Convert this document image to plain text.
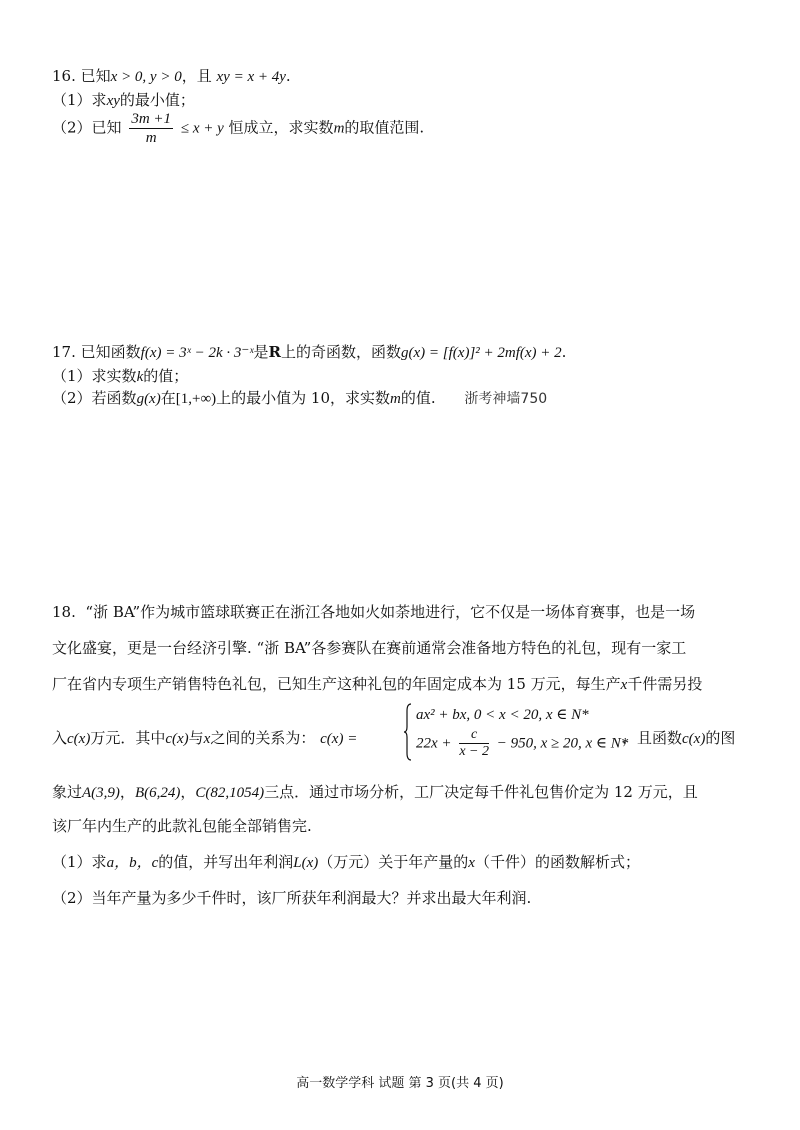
16. 已知x > 0, y > 0，且 xy = x + 4y.
（1）求xy的最小值；
（2）已知 $\frac{3m +1}{m} \le x + y$ 恒成立，求实数m的取值范围.
17. 已知函数f(x) = 3ˣ − 2k · 3⁻ˣ是R上的奇函数，函数g(x) = [f(x)]² + 2mf(x) + 2.
（1）求实数k的值；
（2）若函数g(x)在[1,+∞)上的最小值为 10，求实数m的值. 浙考神墙750
18. “浙 BA”作为城市篮球联赛正在浙江各地如火如荼地进行，它不仅是一场体育赛事，也是一场
文化盛宴，更是一台经济引擎. “浙 BA”各参赛队在赛前通常会准备地方特色的礼包，现有一家工
厂在省内专项生产销售特色礼包，已知生产这种礼包的年固定成本为 15 万元，每生产x千件需另投
入c(x)万元．其中c(x)与x之间的关系为： c(x) =
ax² + bx, 0 < x < 20, x ∈ N*
$22x + \frac{c}{x - 2} - 950$, x ≥ 20, x ∈ N*
，且函数c(x)的图
象过A(3,9)，B(6,24)，C(82,1054)三点．通过市场分析，工厂决定每千件礼包售价定为 12 万元，且
该厂年内生产的此款礼包能全部销售完.
（1）求a，b，c的值，并写出年利润L(x)（万元）关于年产量的x（千件）的函数解析式；
（2）当年产量为多少千件时，该厂所获年利润最大？并求出最大年利润.
高一数学学科 试题 第 3 页(共 4 页)
